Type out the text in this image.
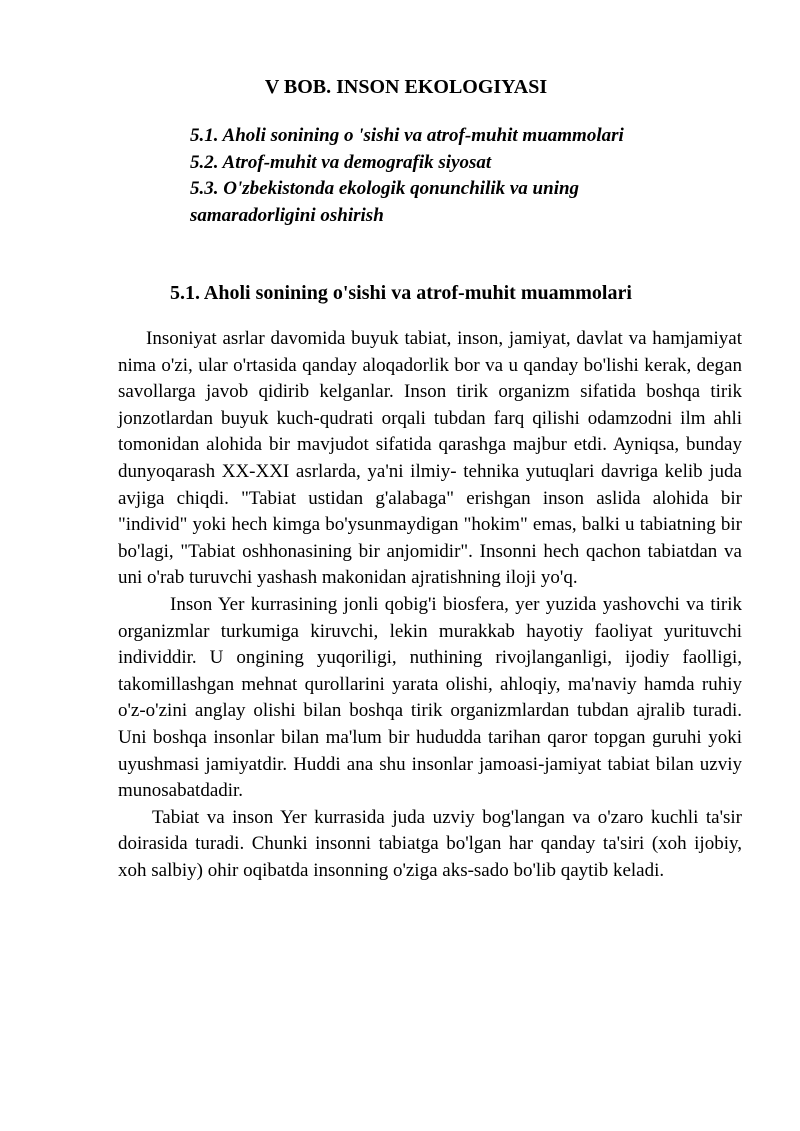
V BOB. INSON EKOLOGIYASI
5.1. Aholi sonining o 'sishi va atrof-muhit muammolari
5.2. Atrof-muhit va demografik siyosat
5.3. O'zbekistonda ekologik qonunchilik va uning samaradorligini oshirish
5.1. Aholi sonining o'sishi va atrof-muhit muammolari

Insoniyat asrlar davomida buyuk tabiat, inson, jamiyat, davlat va hamjamiyat nima o'zi, ular o'rtasida qanday aloqadorlik bor va u qanday bo'lishi kerak, degan savollarga javob qidirib kelganlar. Inson tirik organizm sifatida boshqa tirik jonzotlardan buyuk kuch-qudrati orqali tubdan farq qilishi odamzodni ilm ahli tomonidan alohida bir mavjudot sifatida qarashga majbur etdi. Ayniqsa, bunday dunyoqarash XX-XXI asrlarda, ya'ni ilmiy- tehnika yutuqlari davriga kelib juda avjiga chiqdi. "Tabiat ustidan g'alabaga" erishgan inson aslida alohida bir "individ" yoki hech kimga bo'ysunmaydigan "hokim" emas, balki u tabiatning bir bo'lagi, "Tabiat oshhonasining bir anjomidir". Insonni hech qachon tabiatdan va uni o'rab turuvchi yashash makonidan ajratishning iloji yo'q.

Inson Yer kurrasining jonli qobig'i biosfera, yer yuzida yashovchi va tirik organizmlar turkumiga kiruvchi, lekin murakkab hayotiy faoliyat yurituvchi individdir. U ongining yuqoriligi, nuthining rivojlanganligi, ijodiy faolligi, takomillashgan mehnat qurollarini yarata olishi, ahloqiy, ma'naviy hamda ruhiy o'z-o'zini anglay olishi bilan boshqa tirik organizmlardan tubdan ajralib turadi. Uni boshqa insonlar bilan ma'lum bir hududda tarihan qaror topgan guruhi yoki uyushmasi jamiyatdir. Huddi ana shu insonlar jamoasi-jamiyat tabiat bilan uzviy munosabatdadir.

Tabiat va inson Yer kurrasida juda uzviy bog'langan va o'zaro kuchli ta'sir doirasida turadi. Chunki insonni tabiatga bo'lgan har qanday ta'siri (xoh ijobiy, xoh salbiy) ohir oqibatda insonning o'ziga aks-sado bo'lib qaytib keladi.
